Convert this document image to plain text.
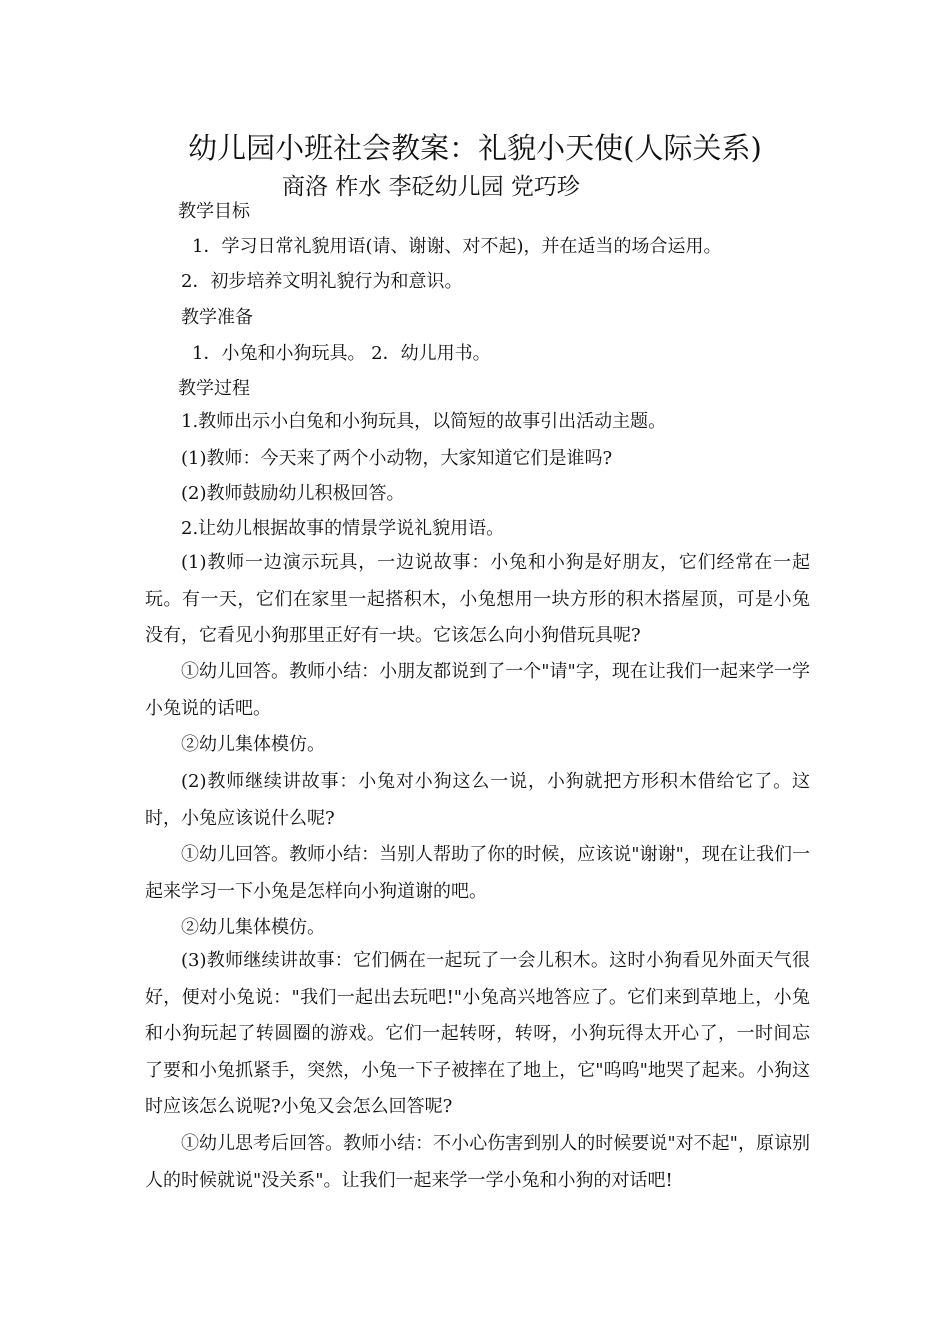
幼儿园小班社会教案：礼貌小天使(人际关系)
商洛 柞水 李砭幼儿园 党巧珍
教学目标
1．学习日常礼貌用语(请、谢谢、对不起)，并在适当的场合运用。
2．初步培养文明礼貌行为和意识。
教学准备
1．小兔和小狗玩具。 2．幼儿用书。
教学过程
1.教师出示小白兔和小狗玩具，以简短的故事引出活动主题。
(1)教师：今天来了两个小动物，大家知道它们是谁吗?
(2)教师鼓励幼儿积极回答。
2.让幼儿根据故事的情景学说礼貌用语。
(1)教师一边演示玩具，一边说故事：小兔和小狗是好朋友，它们经常在一起玩。有一天，它们在家里一起搭积木，小兔想用一块方形的积木搭屋顶，可是小兔没有，它看见小狗那里正好有一块。它该怎么向小狗借玩具呢?
①幼儿回答。教师小结：小朋友都说到了一个"请"字，现在让我们一起来学一学小兔说的话吧。
②幼儿集体模仿。
(2)教师继续讲故事：小兔对小狗这么一说，小狗就把方形积木借给它了。这时，小兔应该说什么呢?
①幼儿回答。教师小结：当别人帮助了你的时候，应该说"谢谢"，现在让我们一起来学习一下小兔是怎样向小狗道谢的吧。
②幼儿集体模仿。
(3)教师继续讲故事：它们俩在一起玩了一会儿积木。这时小狗看见外面天气很好，便对小兔说："我们一起出去玩吧!"小兔高兴地答应了。它们来到草地上，小兔和小狗玩起了转圆圈的游戏。它们一起转呀，转呀，小狗玩得太开心了，一时间忘了要和小兔抓紧手，突然，小兔一下子被摔在了地上，它"呜呜"地哭了起来。小狗这时应该怎么说呢?小兔又会怎么回答呢?
①幼儿思考后回答。教师小结：不小心伤害到别人的时候要说"对不起"，原谅别人的时候就说"没关系"。让我们一起来学一学小兔和小狗的对话吧!
